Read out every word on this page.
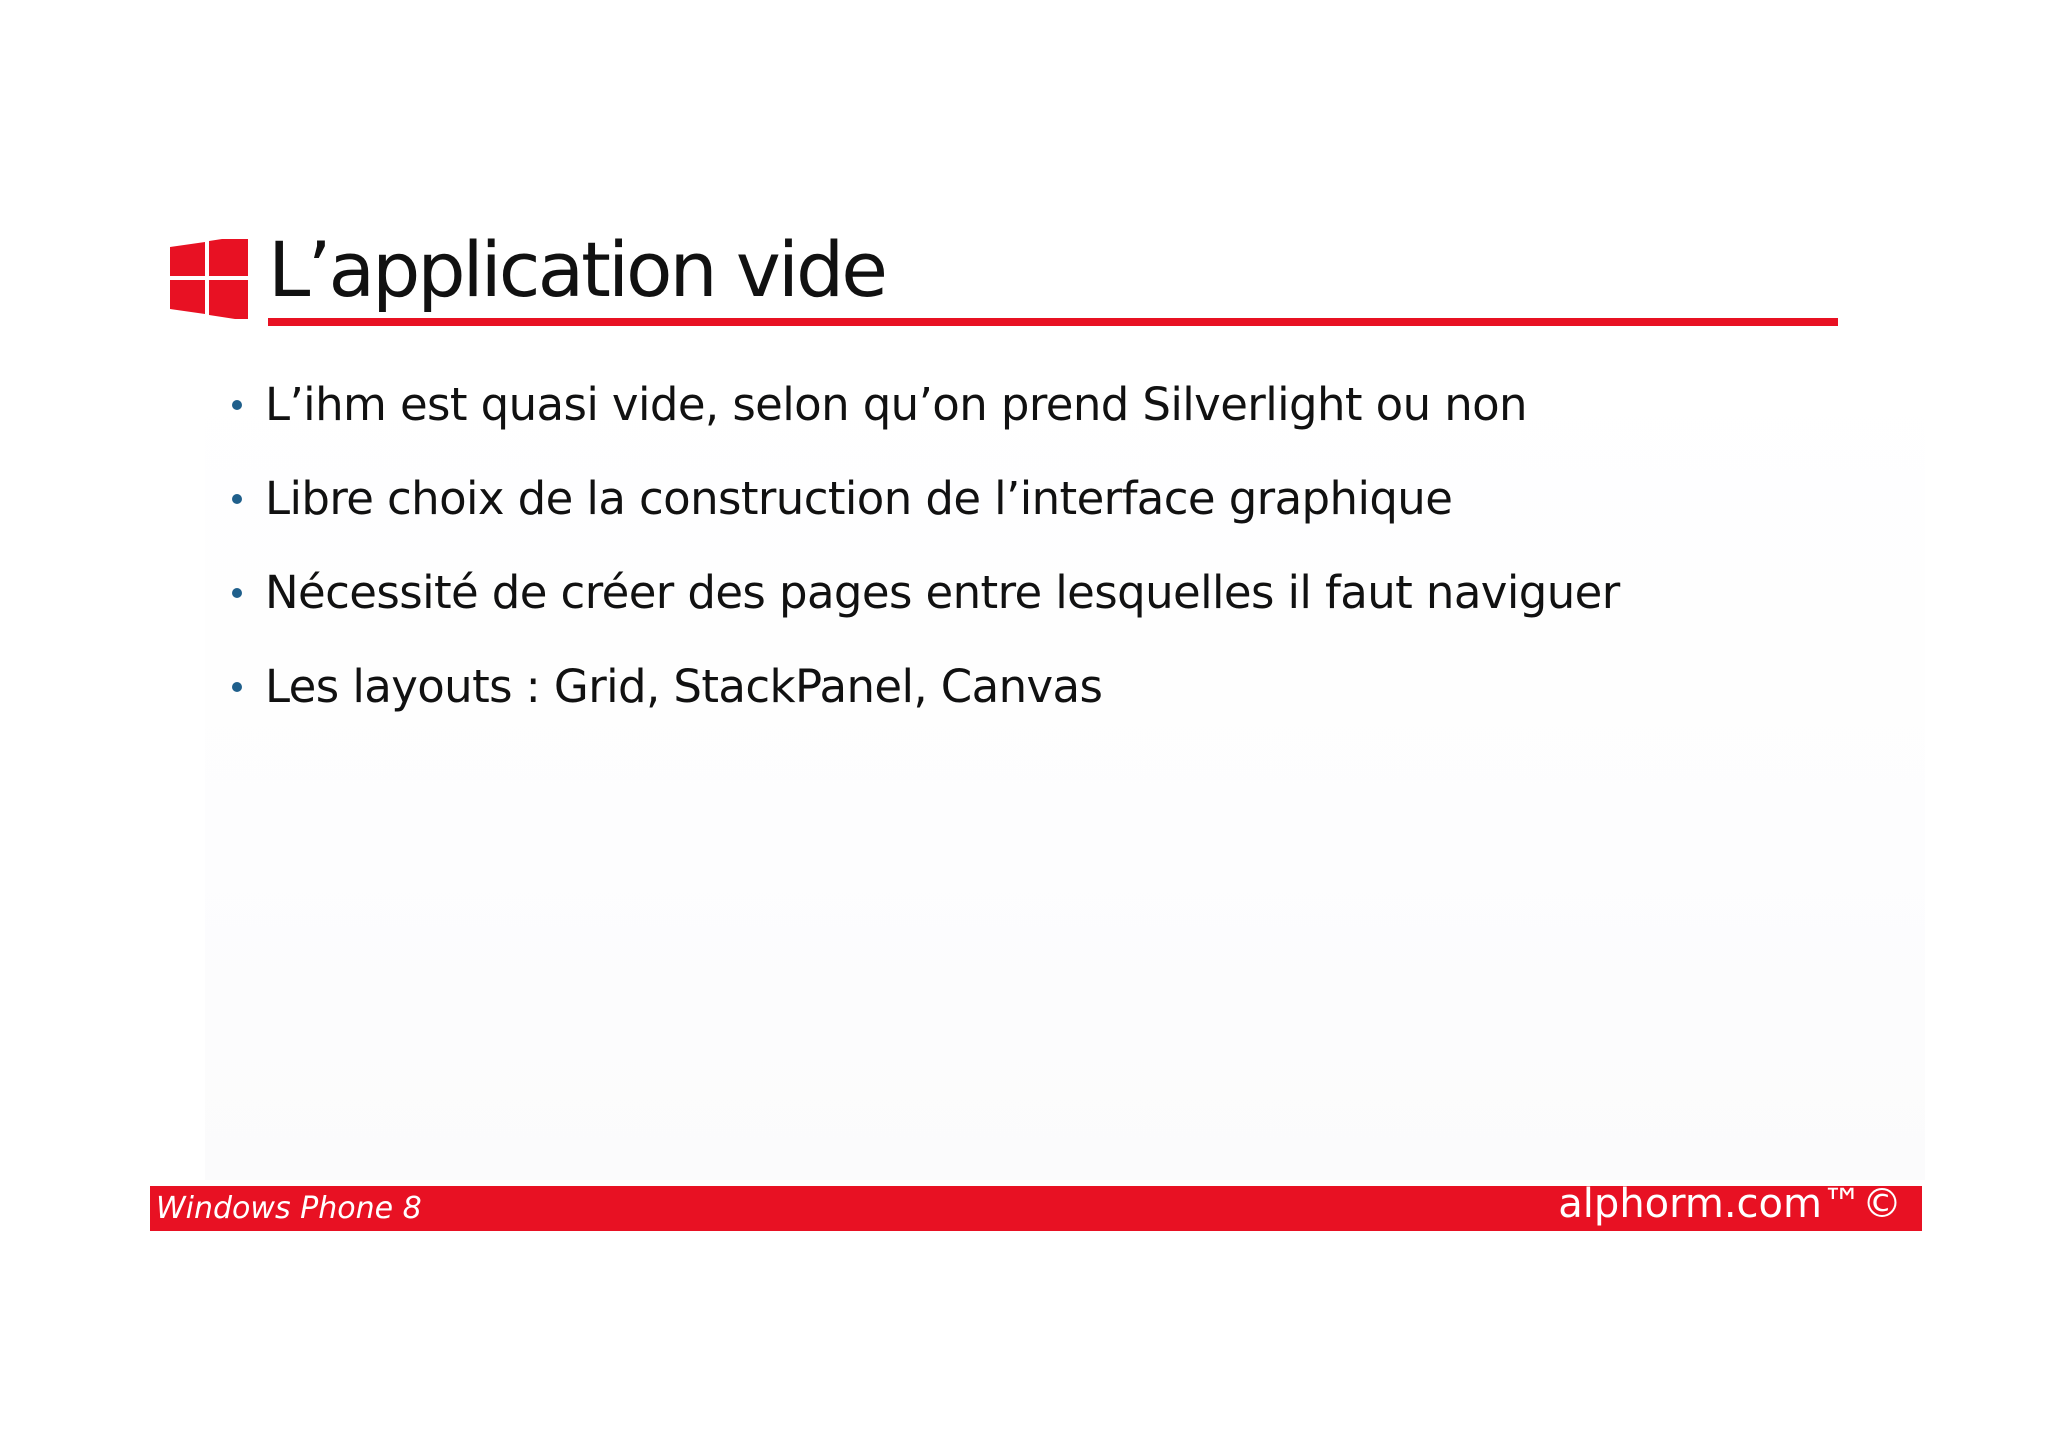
L’application vide
L’ihm est quasi vide, selon qu’on prend Silverlight ou non
Libre choix de la construction de l’interface graphique
Nécessité de créer des pages entre lesquelles il faut naviguer
Les layouts : Grid, StackPanel, Canvas
Windows Phone 8	alphorm.com™©
